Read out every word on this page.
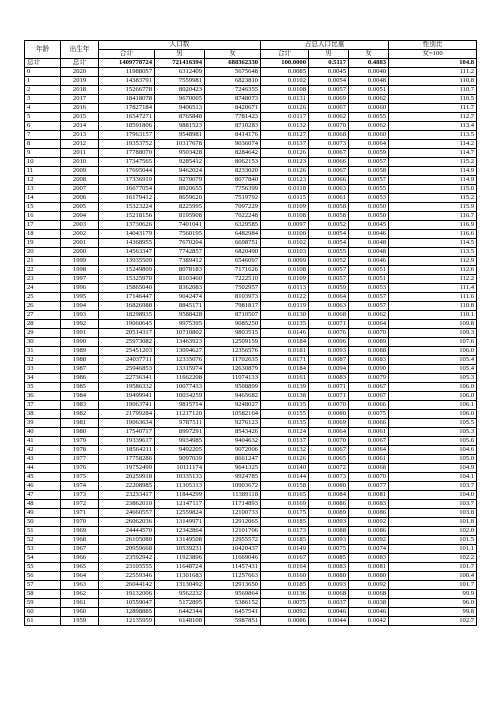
年龄	出生年	人口数			占总人口比重			性别比
		合计	男	女	合计	男	女	女=100
总计	总计	1409778724	721416394	688362330	100.0000	0.5117	0.4883	104.8
0	2020	11988057	6312409	5675648	0.0085	0.0045	0.0040	111.2
1	2019	14383791	7559981	6823810	0.0102	0.0054	0.0048	110.8
2	2018	15266778	8020423	7246355	0.0108	0.0057	0.0051	110.7
3	2017	18418078	9670005	8748073	0.0131	0.0069	0.0062	110.5
4	2016	17827184	9406513	8420671	0.0126	0.0067	0.0060	111.7
5	2015	16547271	8765848	7781423	0.0117	0.0062	0.0055	112.7
6	2014	18591806	9881523	8710283	0.0132	0.0070	0.0062	113.4
7	2013	17963157	9548981	8414176	0.0127	0.0068	0.0060	113.5
8	2012	19353752	10317678	9036074	0.0137	0.0073	0.0064	114.2
9	2011	17788070	9503428	8284642	0.0126	0.0067	0.0059	114.7
10	2010	17347565	9285412	8062153	0.0123	0.0066	0.0057	115.2
11	2009	17695044	9462024	8233020	0.0126	0.0067	0.0058	114.9
12	2008	17336919	9279079	8077840	0.0123	0.0066	0.0057	114.9
13	2007	16677054	8920655	7756399	0.0118	0.0063	0.0055	115.0
14	2006	16179412	8659620	7519792	0.0115	0.0061	0.0053	115.2
15	2005	15323224	8225995	7097229	0.0109	0.0058	0.0050	115.9
16	2004	15218156	8195908	7022248	0.0108	0.0058	0.0050	116.7
17	2003	13730626	7401041	6329585	0.0097	0.0052	0.0045	116.9
18	2002	14043179	7560195	6482984	0.0100	0.0054	0.0046	116.6
19	2001	14368955	7670204	6698751	0.0102	0.0054	0.0048	114.5
20	2000	14563347	7742857	6820490	0.0103	0.0055	0.0048	113.5
21	1999	13935509	7389412	6546097	0.0099	0.0052	0.0046	112.9
22	1998	15249809	8078183	7171626	0.0108	0.0057	0.0051	112.6
23	1997	15325970	8103460	7222510	0.0109	0.0057	0.0051	112.2
24	1996	15865040	8362083	7502957	0.0113	0.0059	0.0053	111.4
25	1995	17146447	9042474	8103973	0.0122	0.0064	0.0057	111.6
26	1994	16826988	8845171	7981817	0.0119	0.0063	0.0057	110.8
27	1993	18298935	9588428	8710507	0.0130	0.0068	0.0062	110.1
28	1992	19060645	9975395	9085250	0.0135	0.0071	0.0064	109.8
29	1991	20514317	10710802	9803515	0.0146	0.0076	0.0070	109.3
30	1990	25973082	13463923	12509159	0.0184	0.0096	0.0089	107.6
31	1989	25451203	13094627	12356576	0.0181	0.0093	0.0088	106.0
32	1988	24037711	12335076	11702635	0.0171	0.0087	0.0083	105.4
33	1987	25946853	13315974	12630879	0.0184	0.0094	0.0090	105.4
34	1986	22736341	11662208	11074133	0.0161	0.0083	0.0079	105.3
35	1985	19586332	10077433	9508899	0.0139	0.0071	0.0067	106.0
36	1984	19499941	10034259	9465682	0.0138	0.0071	0.0067	106.0
37	1983	19063741	9815714	9248027	0.0135	0.0070	0.0066	106.1
38	1982	21799284	11217120	10582164	0.0155	0.0080	0.0075	106.0
39	1981	19063634	9787511	9276123	0.0135	0.0069	0.0066	105.5
40	1980	17540717	8997291	8543426	0.0124	0.0064	0.0061	105.3
41	1979	19339617	9934985	9404632	0.0137	0.0070	0.0067	105.6
42	1978	18564211	9492205	9072006	0.0132	0.0067	0.0064	104.6
43	1977	17758286	9097039	8661247	0.0126	0.0065	0.0061	105.0
44	1976	19752499	10111174	9641325	0.0140	0.0072	0.0068	104.9
45	1975	20259918	10335133	9924785	0.0144	0.0073	0.0070	104.1
46	1974	22208985	11305313	10903672	0.0158	0.0080	0.0077	103.7
47	1973	23233417	11844299	11389118	0.0165	0.0084	0.0081	104.0
48	1972	23862010	12147117	11714893	0.0169	0.0086	0.0083	103.7
49	1971	24660557	12559824	12100733	0.0175	0.0089	0.0086	103.8
50	1970	26062036	13149971	12912065	0.0185	0.0093	0.0092	101.8
51	1969	24444570	12342864	12101706	0.0173	0.0088	0.0086	102.0
52	1968	26105080	13149508	12955572	0.0185	0.0093	0.0092	101.5
53	1967	20959668	10539231	10420437	0.0149	0.0075	0.0074	101.1
54	1966	23592942	11923896	11669046	0.0167	0.0085	0.0083	102.2
55	1965	23105555	11648724	11457431	0.0164	0.0083	0.0081	101.7
56	1964	22559346	11301683	11257663	0.0160	0.0080	0.0080	100.4
57	1963	26044142	13130492	12913650	0.0185	0.0093	0.0092	101.7
58	1962	19132006	9562232	9569864	0.0136	0.0068	0.0068	99.9
59	1961	10559047	5172895	5386152	0.0075	0.0037	0.0038	96.0
60	1960	12898885	6442344	6457541	0.0092	0.0046	0.0046	99.8
61	1959	12135959	6148108	5987851	0.0086	0.0044	0.0042	102.7
